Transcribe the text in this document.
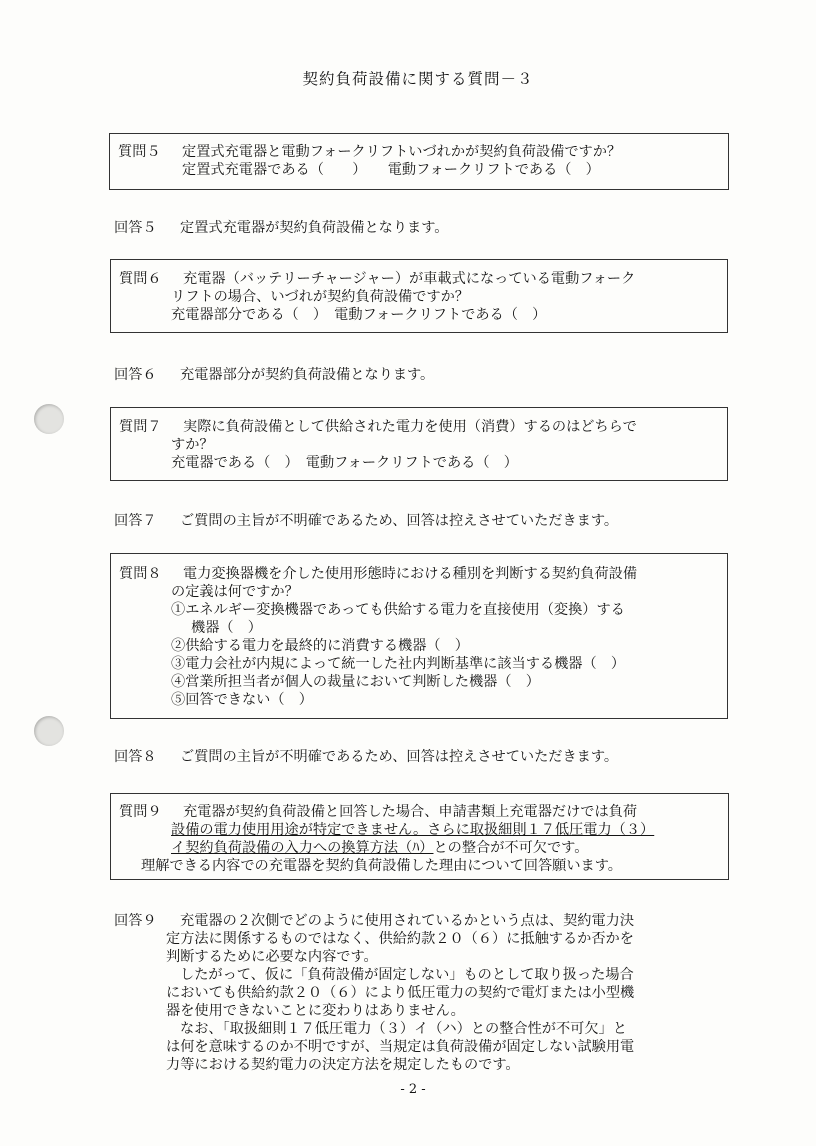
契約負荷設備に関する質問－３
質問５ 定置式充電器と電動フォークリフトいづれかが契約負荷設備ですか？
定置式充電器である（　　）　　電動フォークリフトである（　）
回答５ 定置式充電器が契約負荷設備となります。
質問６ 充電器（バッテリーチャージャー）が車載式になっている電動フォーク
リフトの場合、いづれが契約負荷設備ですか？
充電器部分である（　）　電動フォークリフトである（　）
回答６ 充電器部分が契約負荷設備となります。
質問７ 実際に負荷設備として供給された電力を使用（消費）するのはどちらで
すか？
充電器である（　）　電動フォークリフトである（　）
回答７ ご質問の主旨が不明確であるため、回答は控えさせていただきます。
質問８ 電力変換器機を介した使用形態時における種別を判断する契約負荷設備
の定義は何ですか？
①エネルギー変換機器であっても供給する電力を直接使用（変換）する
機器（　）
②供給する電力を最終的に消費する機器（　）
③電力会社が内規によって統一した社内判断基準に該当する機器（　）
④営業所担当者が個人の裁量において判断した機器（　）
⑤回答できない（　）
回答８ ご質問の主旨が不明確であるため、回答は控えさせていただきます。
質問９ 充電器が契約負荷設備と回答した場合、申請書類上充電器だけでは負荷
設備の電力使用用途が特定できません。さらに取扱細則１７低圧電力（３）
イ契約負荷設備の入力への換算方法（ﾊ）との整合が不可欠です。
理解できる内容での充電器を契約負荷設備した理由について回答願います。
回答９ 充電器の２次側でどのように使用されているかという点は、契約電力決
定方法に関係するものではなく、供給約款２０（６）に抵触するか否かを
判断するために必要な内容です。
したがって、仮に「負荷設備が固定しない」ものとして取り扱った場合
においても供給約款２０（６）により低圧電力の契約で電灯または小型機
器を使用できないことに変わりはありません。
なお、「取扱細則１７低圧電力（３）イ（ハ）との整合性が不可欠」と
は何を意味するのか不明ですが、当規定は負荷設備が固定しない試験用電
力等における契約電力の決定方法を規定したものです。
- 2 -
